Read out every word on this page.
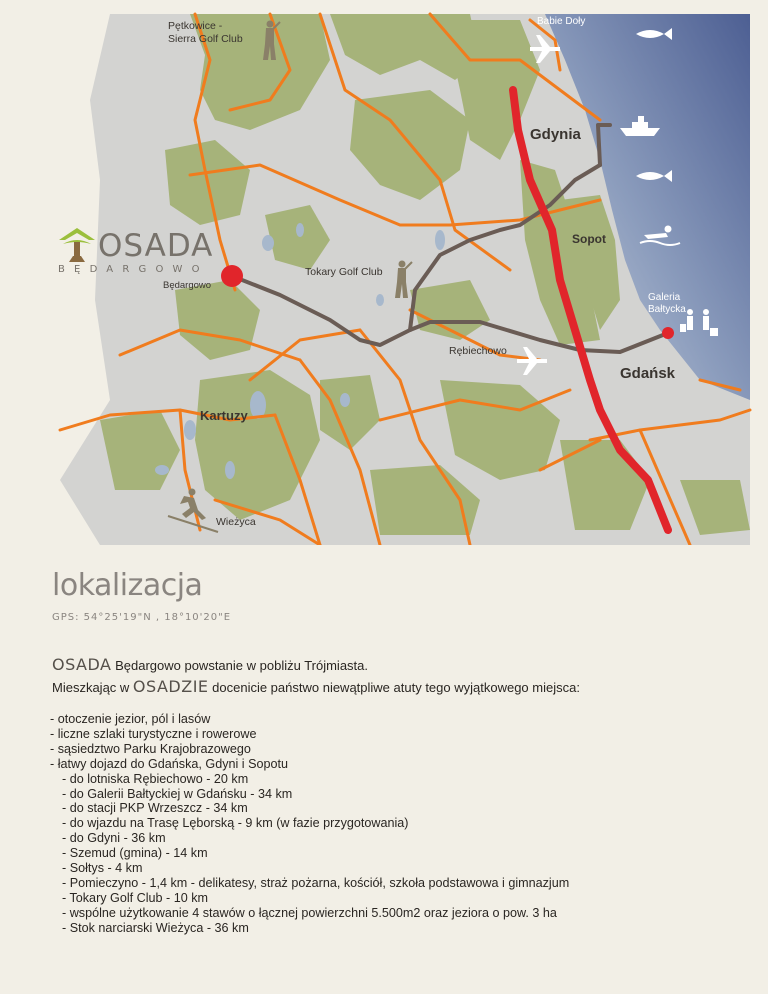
Pętkowice -
Sierra Golf Club
Babie Doły
Gdynia
Sopot
Tokary Golf Club
Będargowo
Galeria
Bałtycka
Rębiechowo
Gdańsk
Kartuzy
Wieżyca
OSADA
BĘDARGOWO
lokalizacja
GPS: 54°25'19"N , 18°10'20"E
OSADA Będargowo powstanie w pobliżu Trójmiasta.
Mieszkając w OSADZIE docenicie państwo niewątpliwe atuty tego wyjątkowego miejsca:
- otoczenie jezior, pól i lasów
- liczne szlaki turystyczne i rowerowe
- sąsiedztwo Parku Krajobrazowego
- łatwy dojazd do Gdańska, Gdyni i Sopotu
- do lotniska Rębiechowo - 20 km
- do Galerii Bałtyckiej w Gdańsku - 34 km
- do stacji PKP Wrzeszcz - 34 km
- do wjazdu na Trasę Lęborską - 9 km (w fazie przygotowania)
- do Gdyni - 36 km
- Szemud (gmina) - 14 km
- Sołtys - 4 km
- Pomieczyno - 1,4 km - delikatesy, straż pożarna, kościół, szkoła podstawowa i gimnazjum
- Tokary Golf Club - 10 km
- wspólne użytkowanie 4 stawów o łącznej powierzchni 5.500m2 oraz jeziora o pow. 3 ha
- Stok narciarski Wieżyca - 36 km
